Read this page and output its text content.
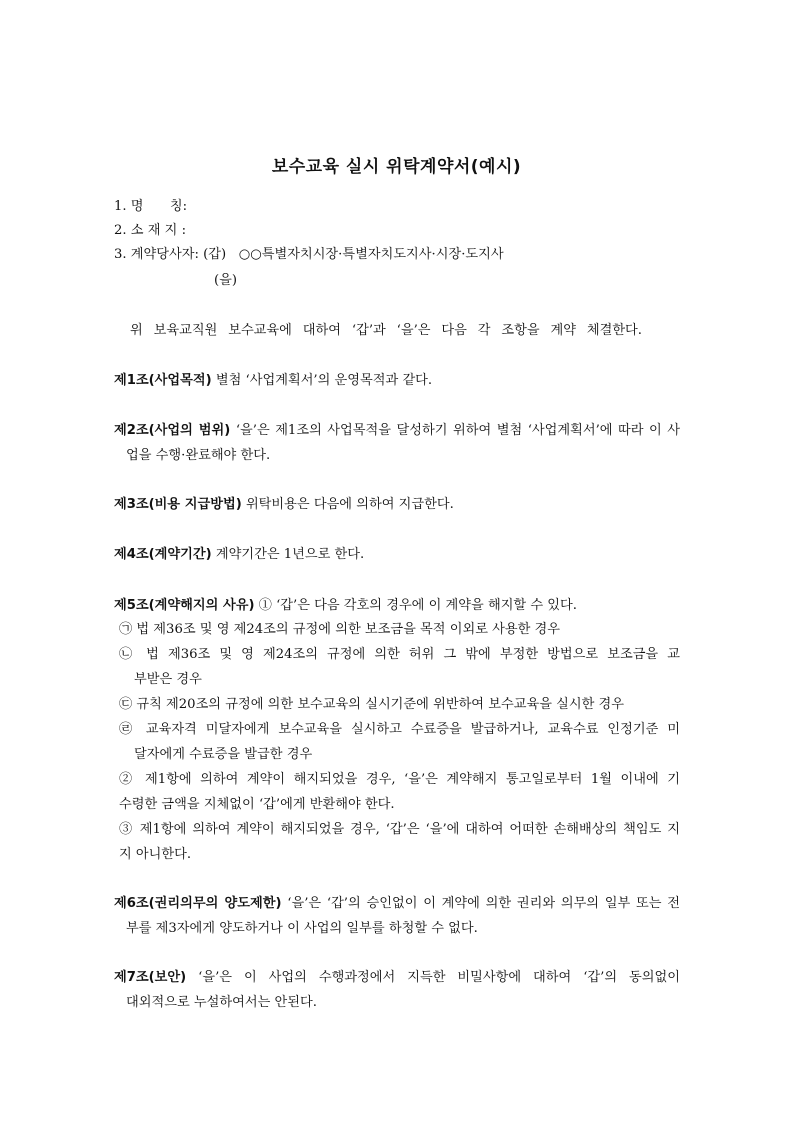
보수교육 실시 위탁계약서(예시)
1. 명　　칭:
2. 소 재 지 :
3. 계약당사자: (갑) ○○특별자치시장·특별자치도지사·시장·도지사
(을)
위 보육교직원 보수교육에 대하여 ‘갑’과 ‘을’은 다음 각 조항을 계약 체결한다.
제1조(사업목적) 별첨 ‘사업계획서’의 운영목적과 같다.
제2조(사업의 범위) ‘을’은 제1조의 사업목적을 달성하기 위하여 별첨 ‘사업계획서’에 따라 이 사
업을 수행·완료해야 한다.
제3조(비용 지급방법) 위탁비용은 다음에 의하여 지급한다.
제4조(계약기간) 계약기간은 1년으로 한다.
제5조(계약해지의 사유) ① ‘갑’은 다음 각호의 경우에 이 계약을 해지할 수 있다.
㉠ 법 제36조 및 영 제24조의 규정에 의한 보조금을 목적 이외로 사용한 경우
㉡ 법 제36조 및 영 제24조의 규정에 의한 허위 그 밖에 부정한 방법으로 보조금을 교
부받은 경우
㉢ 규칙 제20조의 규정에 의한 보수교육의 실시기준에 위반하여 보수교육을 실시한 경우
㉣ 교육자격 미달자에게 보수교육을 실시하고 수료증을 발급하거나, 교육수료 인정기준 미
달자에게 수료증을 발급한 경우
② 제1항에 의하여 계약이 해지되었을 경우, ‘을’은 계약해지 통고일로부터 1월 이내에 기
수령한 금액을 지체없이 ‘갑’에게 반환해야 한다.
③ 제1항에 의하여 계약이 해지되었을 경우, ‘갑’은 ‘을’에 대하여 어떠한 손해배상의 책임도 지
지 아니한다.
제6조(권리의무의 양도제한) ‘을’은 ‘갑’의 승인없이 이 계약에 의한 권리와 의무의 일부 또는 전
부를 제3자에게 양도하거나 이 사업의 일부를 하청할 수 없다.
제7조(보안) ‘을’은 이 사업의 수행과정에서 지득한 비밀사항에 대하여 ‘갑’의 동의없이
대외적으로 누설하여서는 안된다.
